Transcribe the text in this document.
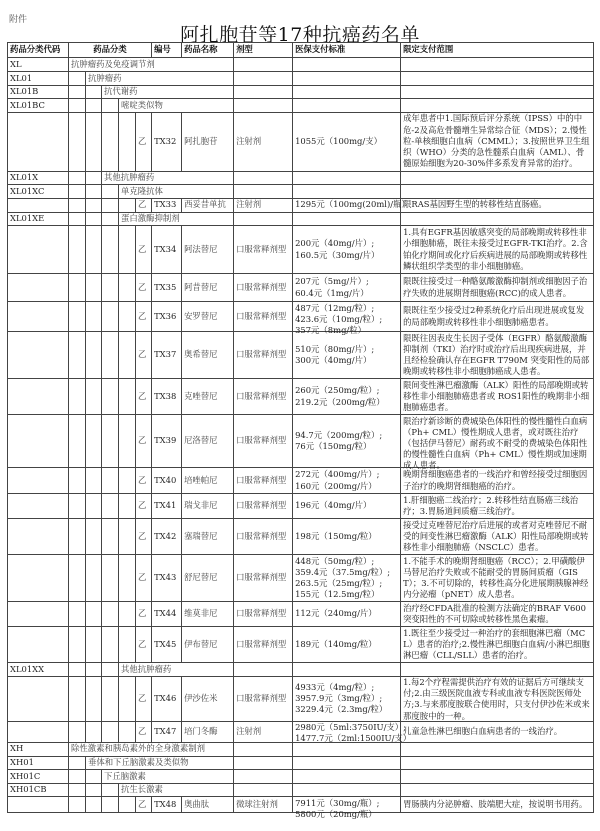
附件
阿扎胞苷等17种抗癌药名单
药品分类代码	药品分类					编号	药品名称	剂型	医保支付标准	限定支付范围	
XL	抗肿瘤药及免疫调节剂										
XL01		抗肿瘤药									
XL01B			抗代谢药								
XL01BC				嘧啶类似物							
					乙	TX32	阿扎胞苷	注射剂	1055元（100mg/支）	成年患者中1.国际预后评分系统（IPSS）中的中危-2及高危骨髓增生异常综合征（MDS）；2.慢性粒-单核细胞白血病（CMML）；3.按照世界卫生组织（WHO）分类的急性髓系白血病（AML）、骨髓原始细胞为20-30%伴多系发育异常的治疗。	

XL01X			其他抗肿瘤药								
XL01XC				单克隆抗体							
					乙	TX33	西妥昔单抗	注射剂	1295元（100mg(20ml)/瓶）	限RAS基因野生型的转移性结直肠癌。	

XL01XE				蛋白激酶抑制剂							
					乙	TX34	阿法替尼	口服常释剂型	200元（40mg/片）;
160.5元（30mg/片）	1.具有EGFR基因敏感突变的局部晚期或转移性非小细胞肺癌，既往未接受过EGFR-TKI治疗。2.含铂化疗期间或化疗后疾病进展的局部晚期或转移性鳞状组织学类型的非小细胞肺癌。	

					乙	TX35	阿昔替尼	口服常释剂型	207元（5mg/片）;
60.4元（1mg/片）	限既往接受过一种酪氨酸激酶抑制剂或细胞因子治疗失败的进展期肾细胞癌(RCC)的成人患者。	

					乙	TX36	安罗替尼	口服常释剂型	487元（12mg/粒）;
423.6元（10mg/粒）;
357元（8mg/粒）	限既往至少接受过2种系统化疗后出现进展或复发的局部晚期或转移性非小细胞肺癌患者。	

					乙	TX37	奥希替尼	口服常释剂型	510元（80mg/片）;
300元（40mg/片）	限既往因表皮生长因子受体（EGFR）酪氨酸激酶抑制剂（TKI）治疗时或治疗后出现疾病进展，并且经检验确认存在EGFR T790M 突变阳性的局部晚期或转移性非小细胞肺癌成人患者。	

					乙	TX38	克唑替尼	口服常释剂型	260元（250mg/粒）;
219.2元（200mg/粒）	限间变性淋巴瘤激酶（ALK）阳性的局部晚期或转移性非小细胞肺癌患者或 ROS1阳性的晚期非小细胞肺癌患者。	

					乙	TX39	尼洛替尼	口服常释剂型	94.7元（200mg/粒）;
76元（150mg/粒）	限治疗新诊断的费城染色体阳性的慢性髓性白血病（Ph+ CML）慢性期成人患者，或对既往治疗（包括伊马替尼）耐药或不耐受的费城染色体阳性的慢性髓性白血病（Ph+ CML）慢性期或加速期成人患者。	

					乙	TX40	培唑帕尼	口服常释剂型	272元（400mg/片）;
160元（200mg/片）	晚期肾细胞癌患者的一线治疗和曾经接受过细胞因子治疗的晚期肾细胞癌的治疗。	

					乙	TX41	瑞戈非尼	口服常释剂型	196元（40mg/片）	1.肝细胞癌二线治疗；2.转移性结直肠癌三线治疗；3.胃肠道间质瘤三线治疗。	

					乙	TX42	塞瑞替尼	口服常释剂型	198元（150mg/粒）	接受过克唑替尼治疗后进展的或者对克唑替尼不耐受的间变性淋巴瘤激酶（ALK）阳性局部晚期或转移性非小细胞肺癌（NSCLC）患者。	

					乙	TX43	舒尼替尼	口服常释剂型	448元（50mg/粒）;
359.4元（37.5mg/粒）;
263.5元（25mg/粒）;
155元（12.5mg/粒）	1.不能手术的晚期肾细胞癌（RCC）；2.甲磺酸伊马替尼治疗失败或不能耐受的胃肠间质瘤（GIST）；3.不可切除的，转移性高分化进展期胰腺神经内分泌瘤（pNET）成人患者。	

					乙	TX44	维莫非尼	口服常释剂型	112元（240mg/片）	治疗经CFDA批准的检测方法确定的BRAF V600 突变阳性的不可切除或转移性黑色素瘤。	

					乙	TX45	伊布替尼	口服常释剂型	189元（140mg/粒）	1.既往至少接受过一种治疗的套细胞淋巴瘤（MCL）患者的治疗;2.慢性淋巴细胞白血病/小淋巴细胞淋巴瘤（CLL/SLL）患者的治疗。	

XL01XX				其他抗肿瘤药							
					乙	TX46	伊沙佐米	口服常释剂型	4933元（4mg/粒）;
3957.9元（3mg/粒）;
3229.4元（2.3mg/粒）	1.每2个疗程需提供治疗有效的证据后方可继续支付;2.由三级医院血液专科或血液专科医院医师处方;3.与来那度胺联合使用时，只支付伊沙佐米或来那度胺中的一种。	

					乙	TX47	培门冬酶	注射剂	2980元（5ml:3750IU/支）;
1477.7元（2ml:1500IU/支）	儿童急性淋巴细胞白血病患者的一线治疗。	

XH	除性激素和胰岛素外的全身激素制剂										
XH01		垂体和下丘脑激素及类似物									
XH01C			下丘脑激素								
XH01CB				抗生长激素							
					乙	TX48	奥曲肽	微球注射剂	7911元（30mg/瓶）;
5800元（20mg/瓶）	胃肠胰内分泌肿瘤、肢端肥大症，按说明书用药。	
